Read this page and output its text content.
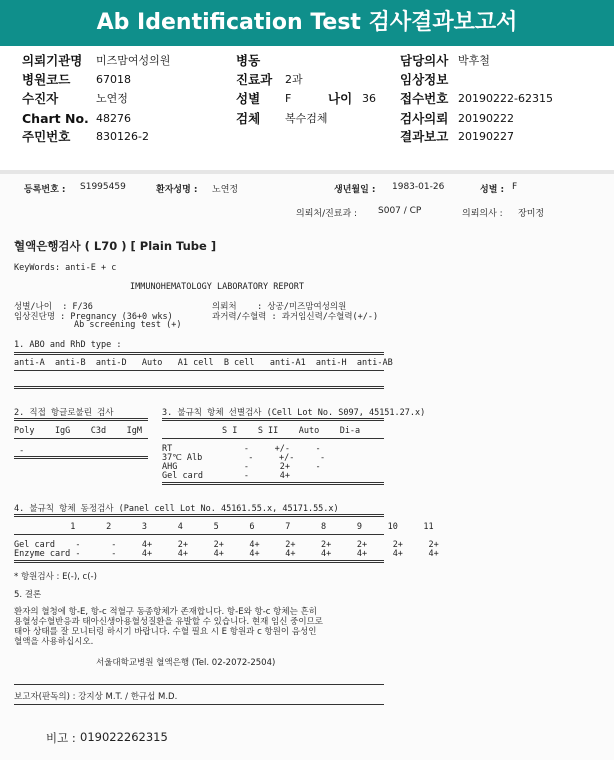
Ab Identification Test 검사결과보고서
의뢰기관명 미즈맘여성의원	병동	담당의사 박후철
병원코드 67018	진료과 2과	임상정보
수진자	노연정	성별 F	나이 36 접수번호 20190222-62315
Chart No. 48276	검체 복수검체	검사의뢰 20190222
주민번호 830126-2	결과보고 20190227
등록번호 : S1995459	환자성명 : 노연정	생년월일 : 1983-01-26	성별 : F
의뢰처/진료과 : S007 / CP	의뢰의사 : 장미정
혈액은행검사 ( L70 ) [ Plain Tube ]
KeyWords: anti-E + c
IMMUNOHEMATOLOGY LABORATORY REPORT
성별/나이  : F/36	의뢰처    : 상공/미즈맘여성의원
임상진단명 : Pregnancy (36+0 wks)	과거력/수혈력 : 과거임신력/수혈력(+/-)
Ab screening test (+)
1. ABO and RhD type :
anti-A  anti-B  anti-D   Auto   A1 cell  B cell   anti-A1  anti-H  anti-AB
2. 직접 항글로불린 검사
Poly    IgG    C3d    IgM
-
3. 불규칙 항체 선별검사 (Cell Lot No. S097, 45151.27.x)
S I    S II    Auto    Di-a
RT              -     +/-     -
37℃ Alb         -     +/-     -
AHG             -      2+     -
Gel card        -      4+
4. 불규칙 항체 동정검사 (Panel cell Lot No. 45161.55.x, 45171.55.x)
1      2      3      4      5      6      7      8      9     10     11
Gel card    -      -     4+     2+     2+     4+     2+     2+     2+     2+     2+
Enzyme card -      -     4+     4+     4+     4+     4+     4+     4+     4+     4+
* 항원검사 : E(-), c(-)
5. 결론
환자의 혈청에 항-E, 항-c 적혈구 동종항체가 존재합니다. 항-E와 항-c 항체는 흔히
용혈성수혈반응과 태아신생아용혈성질환을 유발할 수 있습니다. 현재 임신 중이므로
태아 상태를 잘 모니터링 하시기 바랍니다. 수혈 필요 시 E 항원과 c 항원이 음성인
혈액을 사용하십시오.
서울대학교병원 혈액은행 (Tel. 02-2072-2504)
보고자(판독의) : 강지상 M.T. / 한규섭 M.D.
비고 : 019022262315
